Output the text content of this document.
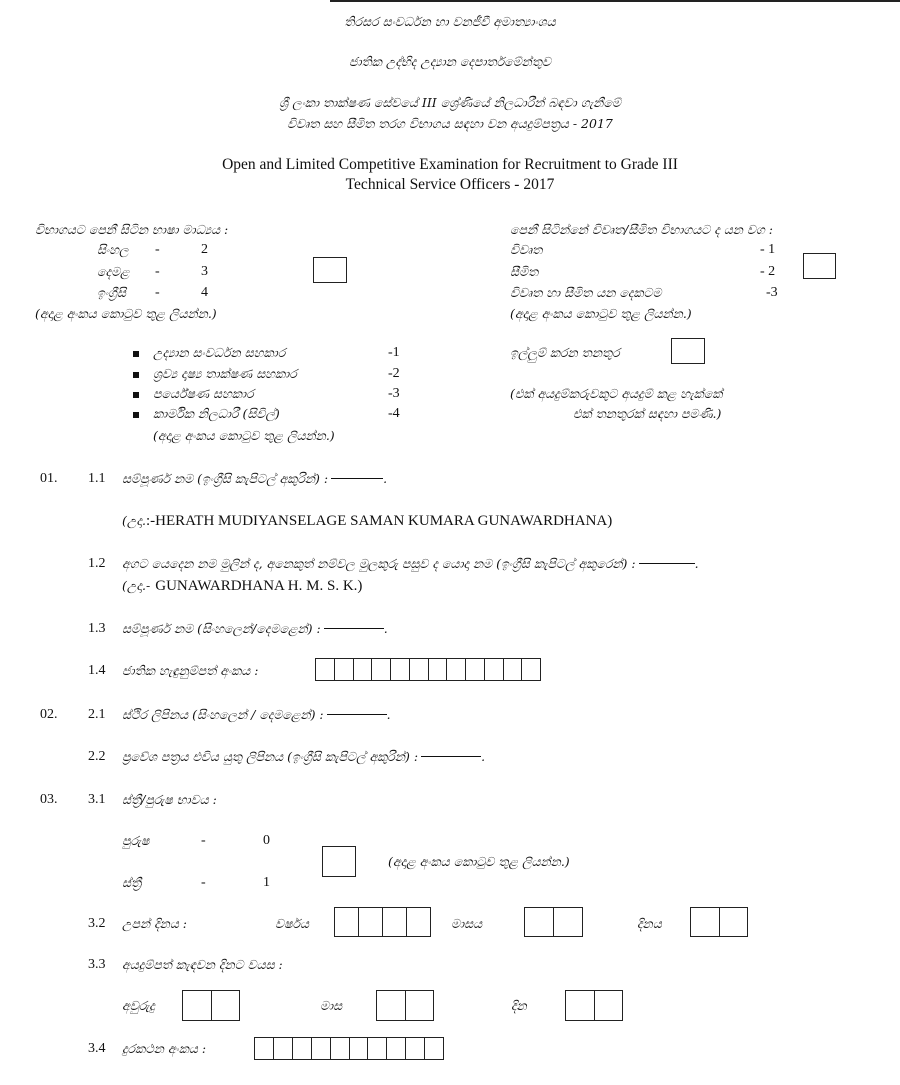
තිරසර සංවර්ධන හා වනජීවී අමාත්‍යාංශය
ජාතික උද්භිද උද්‍යාන දෙපාර්තමේන්තුව
ශ්‍රී ලංකා තාක්ෂණ සේවයේ III ශ්‍රේණියේ නිලධාරීන් බඳවා ගැනීමේ
විවෘත සහ සීමිත තරග විභාගය සඳහා වන අයදුම්පත්‍රය - 2017
Open and Limited Competitive Examination for Recruitment to Grade III
Technical Service Officers - 2017
විභාගයට පෙනී සිටින භාෂා මාධ්‍යය :
සිංහල -	2
දෙමළ -	3
ඉංග්‍රීසි -	4
(අදාළ අංකය කොටුව තුළ ලියන්න.)
පෙනී සිටින්නේ විවෘත/සීමිත විභාගයට ද යන වග :
විවෘත	- 1
සීමිත	- 2
විවෘත හා සීමිත යන දෙකටම	-3
(අදාළ අංකය කොටුව තුළ ලියන්න.)
උද්‍යාන සංවර්ධන සහකාර	-1
ශ්‍රව්‍ය දෘෂ්‍ය තාක්ෂණ සහකාර	-2
පර්යේෂණ සහකාර	-3
කාර්මික නිලධාරී (සිවිල්)	-4
(අදාළ අංකය කොටුව තුළ ලියන්න.)
ඉල්ලුම් කරන තනතුර
(එක් අයදුම්කරුවකුට අයදුම් කළ හැක්කේ
එක් තනතුරක් සඳහා පමණි.)
01. 1.1 සම්පූර්ණ නම (ඉංග්‍රීසි කැපිටල් අකුරින්) :	.
(උදා.:-HERATH MUDIYANSELAGE SAMAN KUMARA GUNAWARDHANA)
1.2 අගට යෙදෙන නම මුලින් ද, අනෙකුත් නම්වල මුලකුරු පසුව ද යොදා නම (ඉංග්‍රීසි කැපිටල් අකුරෙන්) :	.
(උදා.- GUNAWARDHANA H. M. S. K.)
1.3 සම්පූර්ණ නම (සිංහලෙන්/දෙමළෙන්) :	.
1.4 ජාතික හැඳුනුම්පත් අංකය :
02. 2.1 ස්ථිර ලිපිනය (සිංහලෙන් / දෙමළෙන්) :	.
2.2 ප්‍රවේශ පත්‍රය එවිය යුතු ලිපිනය (ඉංග්‍රීසි කැපිටල් අකුරින්) :	.
03. 3.1 ස්ත්‍රී/පුරුෂ භාවය :
පුරුෂ	-	0
ස්ත්‍රී	-	1
(අදාළ අංකය කොටුව තුළ ලියන්න.)
3.2 උපන් දිනය :	වර්ෂය	මාසය	දිනය
3.3 අයදුම්පත් කැඳවන දිනට වයස :
අවුරුදු	මාස	දින
3.4 දුරකථන අංකය :
